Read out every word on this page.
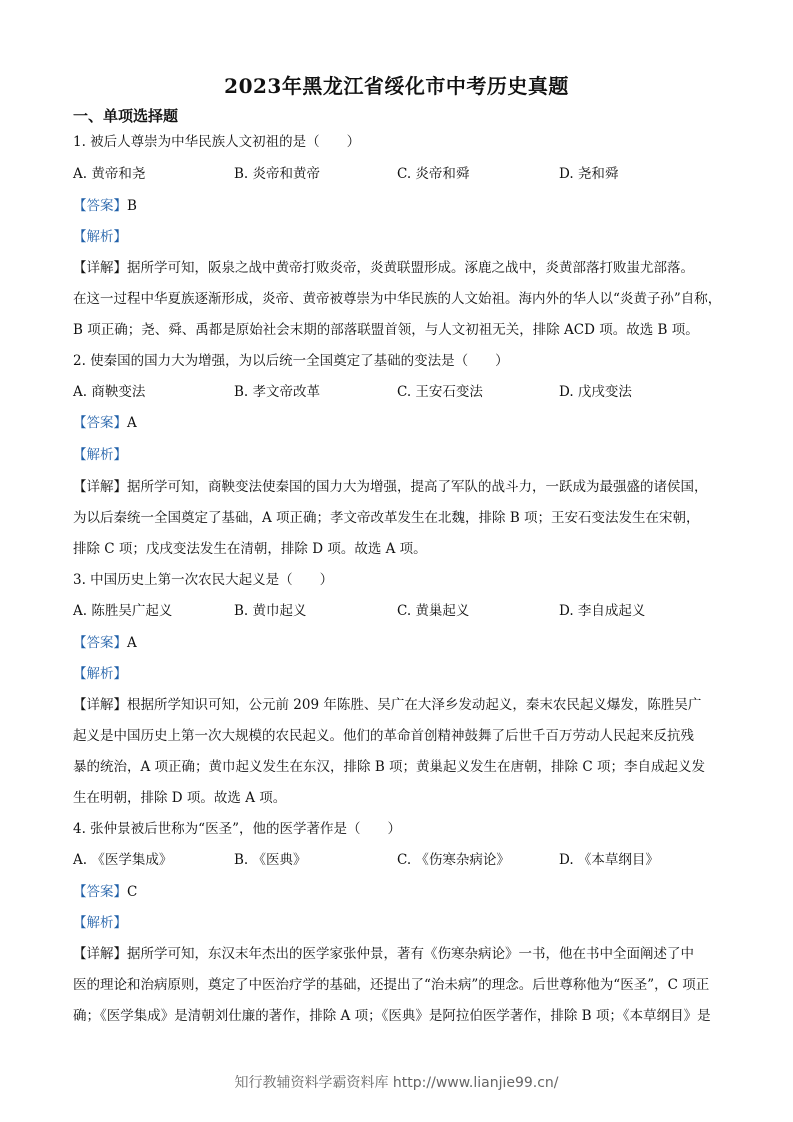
2023年黑龙江省绥化市中考历史真题
一、单项选择题
1. 被后人尊崇为中华民族人文初祖的是（　　）
A. 黄帝和尧	B. 炎帝和黄帝	C. 炎帝和舜	D. 尧和舜
【答案】B
【解析】
【详解】据所学可知，阪泉之战中黄帝打败炎帝，炎黄联盟形成。涿鹿之战中，炎黄部落打败蚩尤部落。
在这一过程中华夏族逐渐形成，炎帝、黄帝被尊崇为中华民族的人文始祖。海内外的华人以“炎黄子孙”自称，
B 项正确；尧、舜、禹都是原始社会末期的部落联盟首领，与人文初祖无关，排除 ACD 项。故选 B 项。
2. 使秦国的国力大为增强，为以后统一全国奠定了基础的变法是（　　）
A. 商鞅变法	B. 孝文帝改革	C. 王安石变法	D. 戊戌变法
【答案】A
【解析】
【详解】据所学可知，商鞅变法使秦国的国力大为增强，提高了军队的战斗力，一跃成为最强盛的诸侯国，
为以后秦统一全国奠定了基础，A 项正确；孝文帝改革发生在北魏，排除 B 项；王安石变法发生在宋朝，
排除 C 项；戊戌变法发生在清朝，排除 D 项。故选 A 项。
3. 中国历史上第一次农民大起义是（　　）
A. 陈胜吴广起义	B. 黄巾起义	C. 黄巢起义	D. 李自成起义
【答案】A
【解析】
【详解】根据所学知识可知，公元前 209 年陈胜、吴广在大泽乡发动起义，秦末农民起义爆发，陈胜吴广
起义是中国历史上第一次大规模的农民起义。他们的革命首创精神鼓舞了后世千百万劳动人民起来反抗残
暴的统治，A 项正确；黄巾起义发生在东汉，排除 B 项；黄巢起义发生在唐朝，排除 C 项；李自成起义发
生在明朝，排除 D 项。故选 A 项。
4. 张仲景被后世称为“医圣”，他的医学著作是（　　）
A. 《医学集成》	B. 《医典》	C. 《伤寒杂病论》	D. 《本草纲目》
【答案】C
【解析】
【详解】据所学可知，东汉末年杰出的医学家张仲景，著有《伤寒杂病论》一书，他在书中全面阐述了中
医的理论和治病原则，奠定了中医治疗学的基础，还提出了“治未病”的理念。后世尊称他为“医圣”，C 项正
确；《医学集成》是清朝刘仕廉的著作，排除 A 项；《医典》是阿拉伯医学著作，排除 B 项；《本草纲目》是
知行教辅资料学霸资料库 http://www.lianjie99.cn/
